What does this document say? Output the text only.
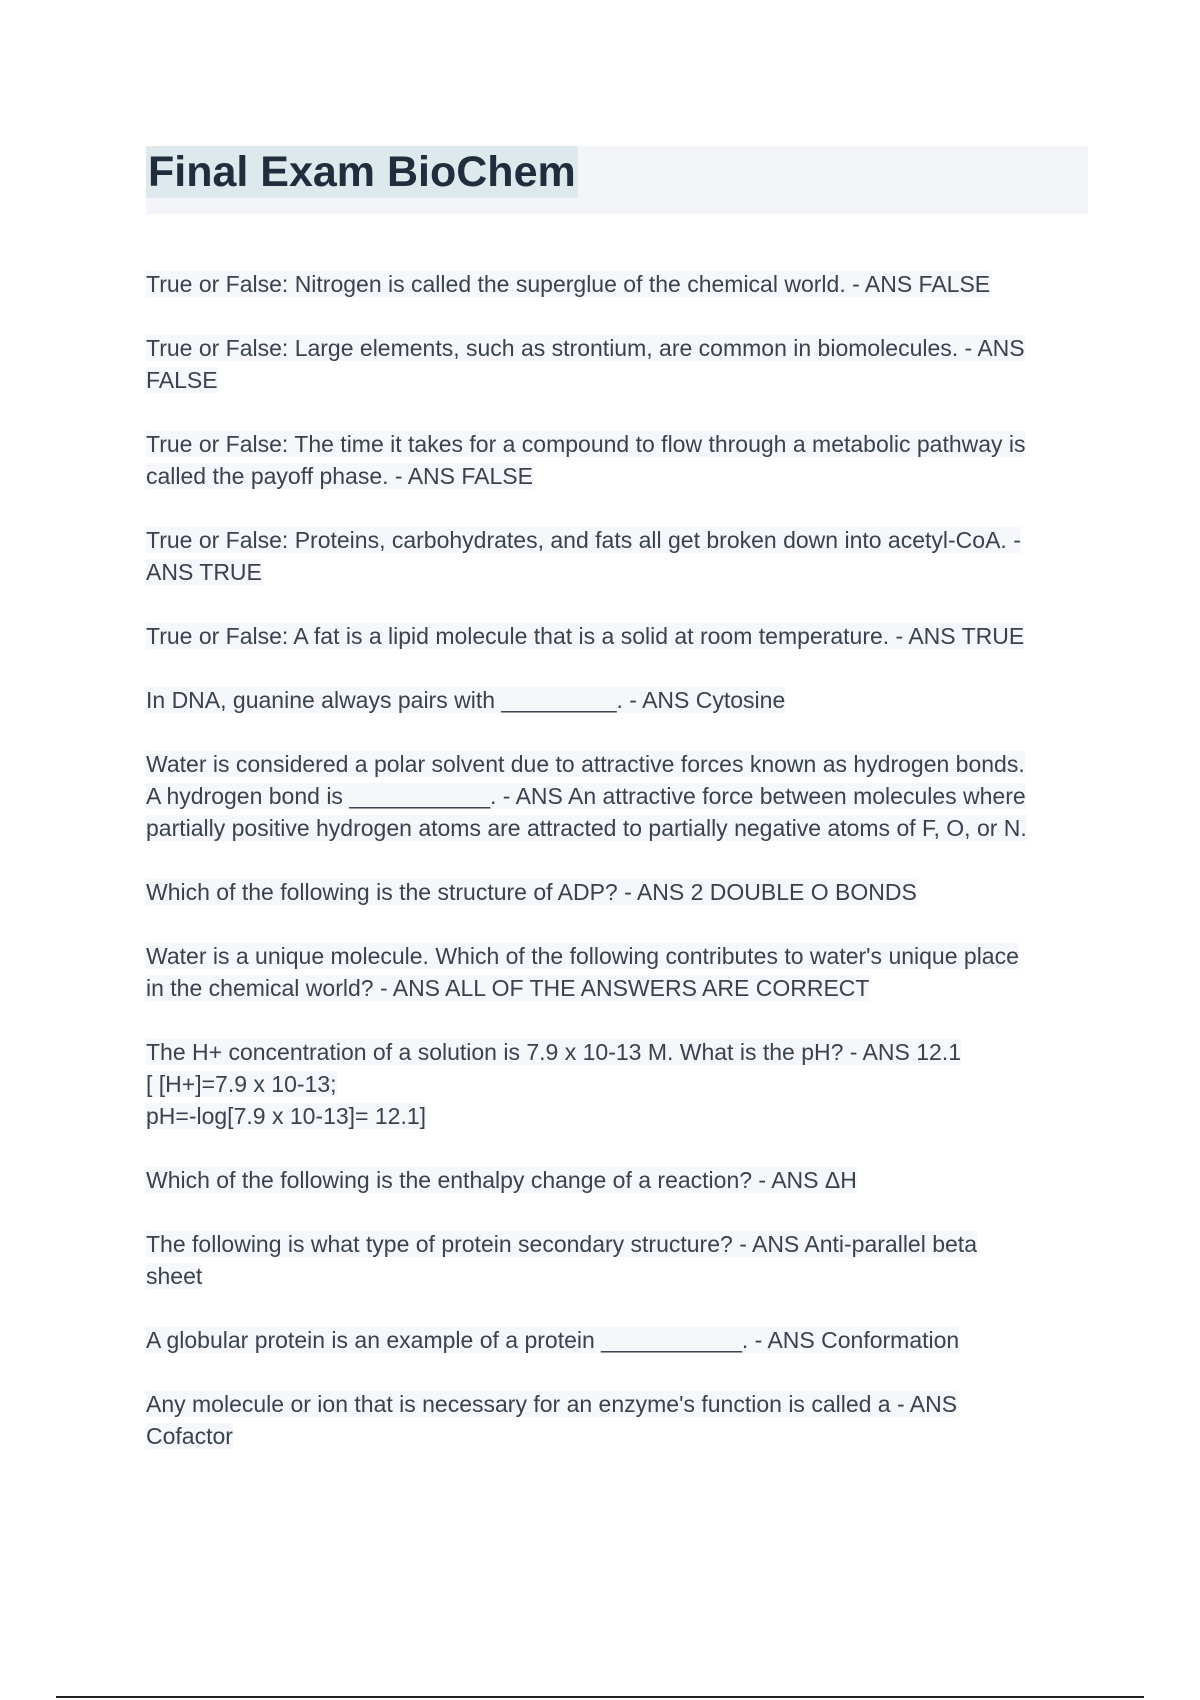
Final Exam BioChem

True or False: Nitrogen is called the superglue of the chemical world. - ANS FALSE

True or False: Large elements, such as strontium, are common in biomolecules. - ANS
FALSE

True or False: The time it takes for a compound to flow through a metabolic pathway is
called the payoff phase. - ANS FALSE

True or False: Proteins, carbohydrates, and fats all get broken down into acetyl-CoA. -
ANS TRUE

True or False: A fat is a lipid molecule that is a solid at room temperature. - ANS TRUE

In DNA, guanine always pairs with _________. - ANS Cytosine

Water is considered a polar solvent due to attractive forces known as hydrogen bonds.
A hydrogen bond is ___________. - ANS An attractive force between molecules where
partially positive hydrogen atoms are attracted to partially negative atoms of F, O, or N.

Which of the following is the structure of ADP? - ANS 2 DOUBLE O BONDS

Water is a unique molecule. Which of the following contributes to water's unique place
in the chemical world? - ANS ALL OF THE ANSWERS ARE CORRECT

The H+ concentration of a solution is 7.9 x 10-13 M. What is the pH? - ANS 12.1
[ [H+]=7.9 x 10-13;
pH=-log[7.9 x 10-13]= 12.1]

Which of the following is the enthalpy change of a reaction? - ANS ΔH

The following is what type of protein secondary structure? - ANS Anti-parallel beta
sheet

A globular protein is an example of a protein ___________. - ANS Conformation

Any molecule or ion that is necessary for an enzyme's function is called a - ANS
Cofactor
